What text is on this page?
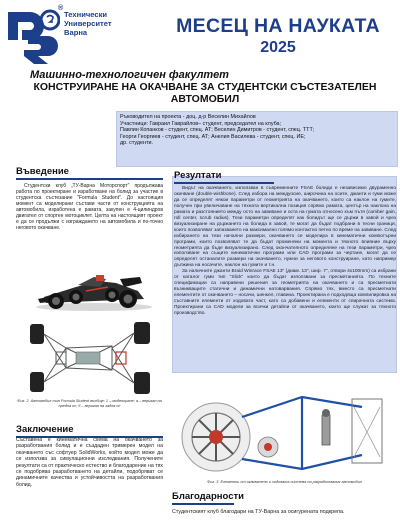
®
Технически
Университет
Варна	МЕСЕЦ НА НАУКАТА
2025
Машинно-технологичен факултет
КОНСТРУИРАНЕ НА ОКАЧВАНЕ ЗА СТУДЕНТСКИ СЪСТЕЗАТЕЛЕН
АВТОМОБИЛ
Ръководител на проекта - доц. д-р Веселин Михайлов
Участници: Гавраил Гаврайлов– студент, председател на клуба;
Павлин Копанков - студент, спец. АТ; Веселин Димитров - студент, спец. ТТТ;
Георги Георгиев - студент, спец. АТ; Анелия Василева - студент, спец. ИЕ;
др. студенти.
Въведение
Студентски клуб „ТУ-Варна Моторспорт" продължава работа по проектиране и изработване на болид за участие в студентска състезание "Formula Student". До настоящия момент са моделирани състави части от конструкцията на автомобила, изработена е рамата, закупен е 4-цилиндров двигател от спортен мотоциклет. Целта на настоящият проект е да се продължи с изграждането на автомобила и по-точно неговото окачване.
Резултати

Видът на окачването, използван в съвременните FSAE болиди е независимо двураменно окачване (double-wishbone). След избора на междуосие, широчина на осите, джанти и гуми може да се определят някои параметри от геометрията на окачването, които са наклон на гумите, получен при увеличаване на тяхната вертикална позиция спрямо рамата, център на наклона на рамата и разстоянието между осто на завиване и оста на гумата относено към пътя (camber gain, roll center, scrub radius). Тези параметри определят как болидът ще се държи в завой и чрез визуализиране на държането на болида в завой, те могат да бъдат подбрани в тесни граници, които позволяват запазването на максимално голямо контактно петно по време на завиване. След избирането на тези начални размери, окачването се моделира в кинематични компютърни програми, които позволяват те да бъдат променяни на момента и тяхното влияние върху геометрията да бъде визуализирано. След окончателното определяне на тези параметри, чрез използване на същите кинематични програми или CAD програми за чертане, могат да се определят останалите размери на окачването, нужни за неговото конструиране, като например дължина на носачите, наклон на гумите и т.н.

За наличните джанти Braid Winrace FSAE 13" (диам. 13", шир. 7", отвори 4x100mm) са избрани от каталог гуми тип "Slick" които да бъдат използвани за пресмятанията. По техните спецификации са направени решения за геометрията на окачването и са пресметнати възникващите статични и динамични натоварвания. Спрямо тях, вместо са пресметнати елементите от окачването – носачи, шенкел, главина. Проектирана е подходяща компилировка на съставните елементи от ходовата част, като са добавени и елементи от спирачната система. Проектирани са CAD модели за всички детайли от окачването, които ще служат за тяхното производство.

Фиг. 2. Автомобил тип Formula Student въобще: 1 – моделиране; а – вериган на предна ос; б – вериган на задна ос
Заключение
Съставена е кинематична схема на окачването за разработвания болид и е създаден тримерен модел на окачването със софтуер SolidWorks, който модел може да се използва за симулационни изследвания. Получените резултати са от практическо естество и благодарение на тях се подобрява разработването на детайли, подобряват се динамичните качества и устойчивостта на разработвания болид.	Фиг. 3. Елементи от окачването и ходовата система на разработвания автомобил
Благодарности
Студентският клуб благодари на ТУ-Варна за осигурената подкрепа.
